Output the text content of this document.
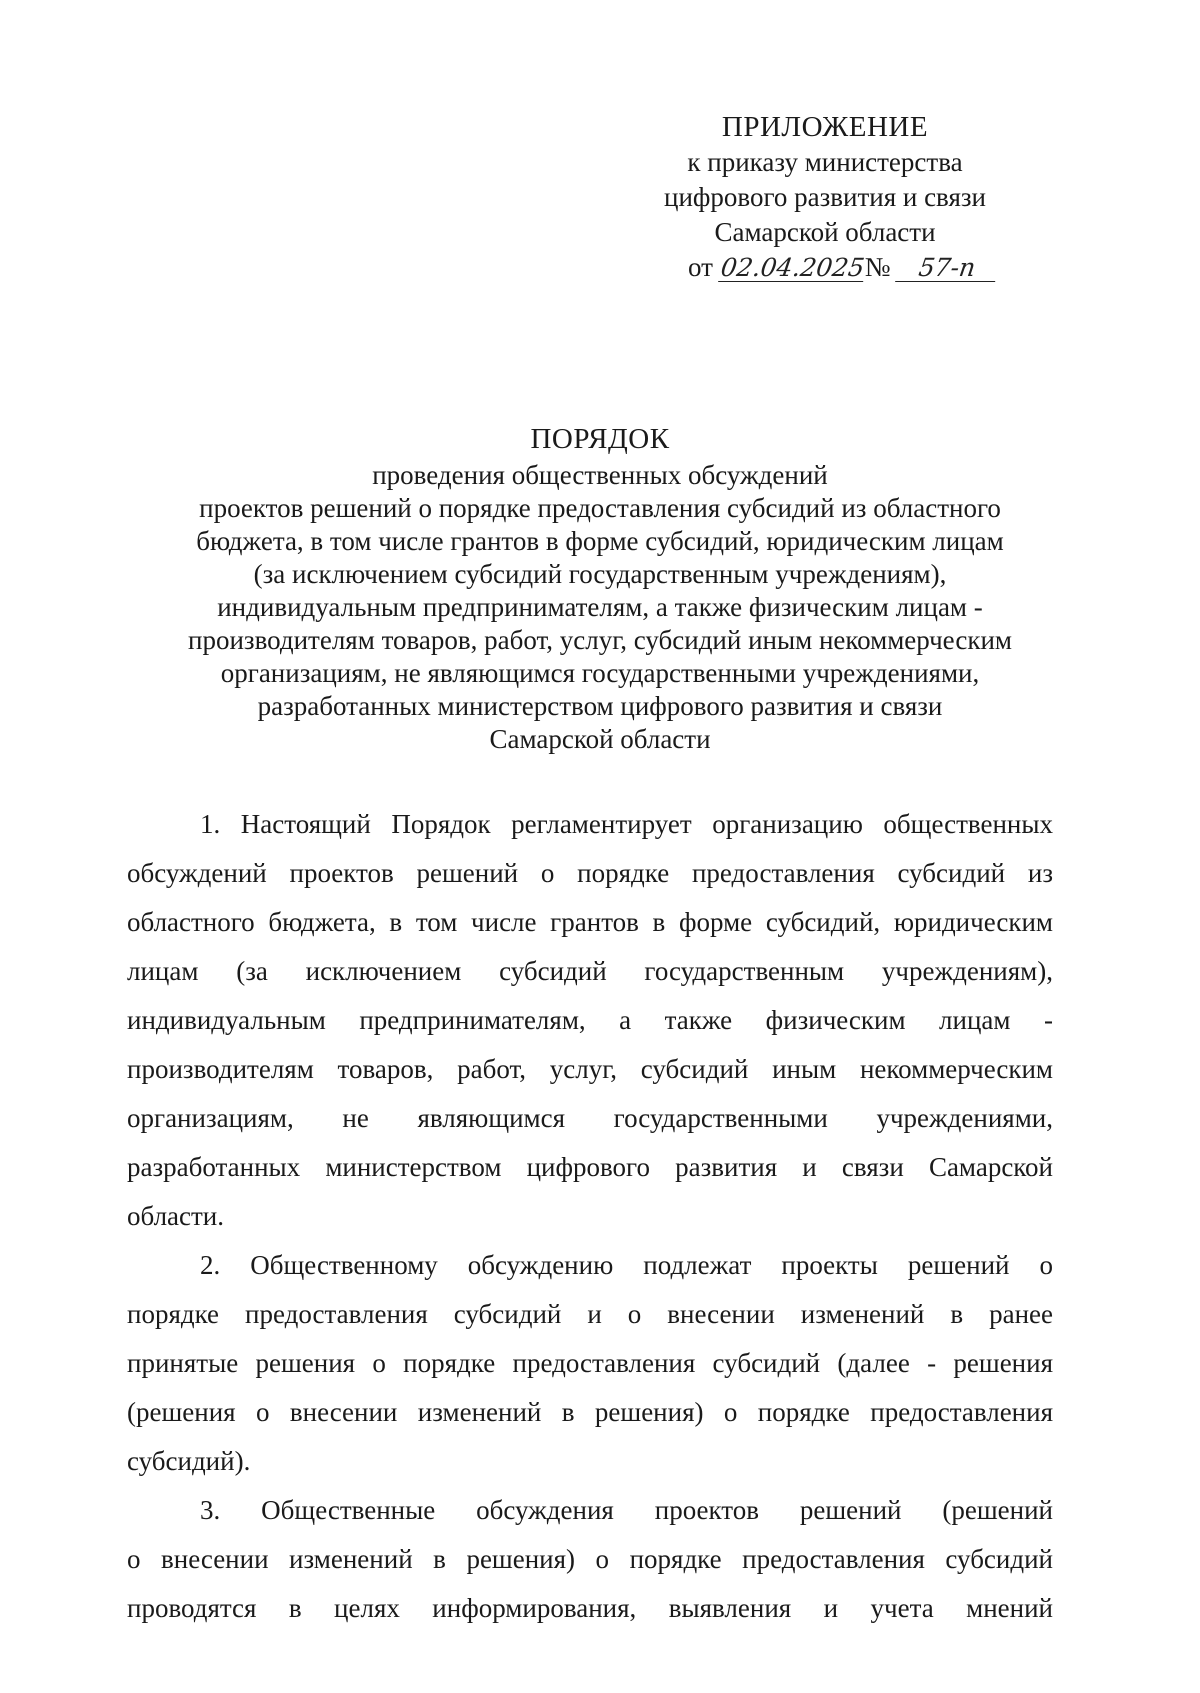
ПРИЛОЖЕНИЕ
к приказу министерства
цифрового развития и связи
Самарской области
от 02.04.2025№ 57-п
ПОРЯДОК
проведения общественных обсуждений
проектов решений о порядке предоставления субсидий из областного
бюджета, в том числе грантов в форме субсидий, юридическим лицам
(за исключением субсидий государственным учреждениям),
индивидуальным предпринимателям, а также физическим лицам -
производителям товаров, работ, услуг, субсидий иным некоммерческим
организациям, не являющимся государственными учреждениями,
разработанных министерством цифрового развития и связи
Самарской области

1. Настоящий Порядок регламентирует организацию общественных
обсуждений проектов решений о порядке предоставления субсидий из
областного бюджета, в том числе грантов в форме субсидий, юридическим
лицам (за исключением субсидий государственным учреждениям),
индивидуальным предпринимателям, а также физическим лицам -
производителям товаров, работ, услуг, субсидий иным некоммерческим
организациям, не являющимся государственными учреждениями,
разработанных министерством цифрового развития и связи Самарской
области.

2. Общественному обсуждению подлежат проекты решений о
порядке предоставления субсидий и о внесении изменений в ранее
принятые решения о порядке предоставления субсидий (далее - решения
(решения о внесении изменений в решения) о порядке предоставления
субсидий).

3. Общественные обсуждения проектов решений (решений
о внесении изменений в решения) о порядке предоставления субсидий
проводятся в целях информирования, выявления и учета мнений
